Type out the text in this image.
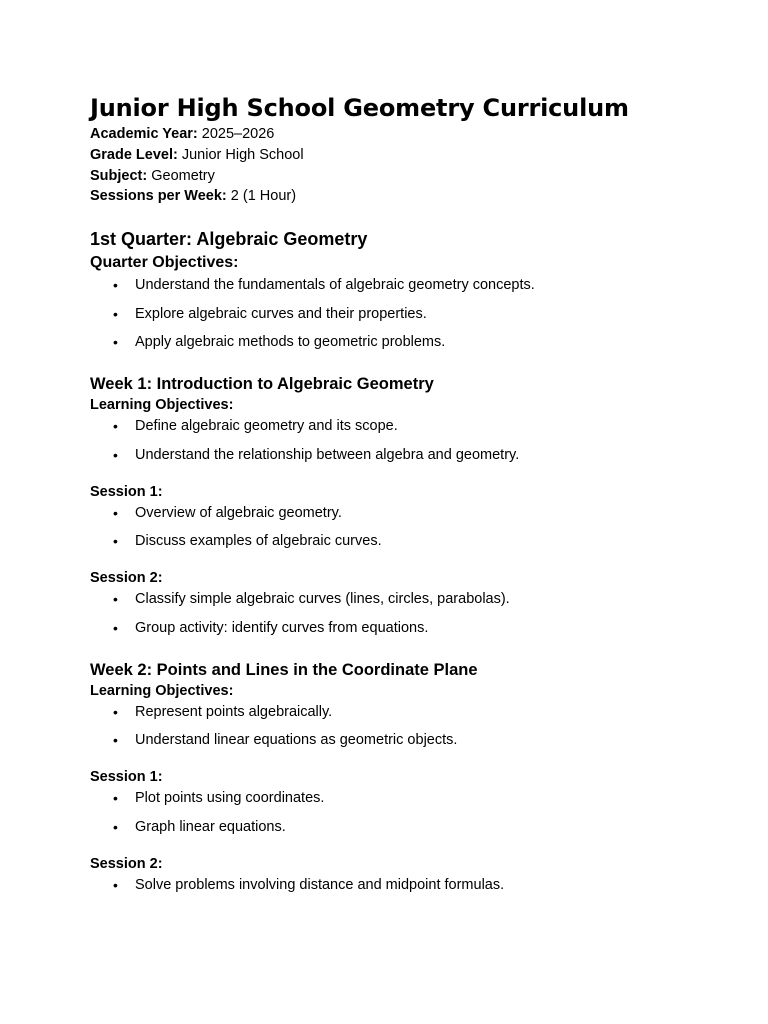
Junior High School Geometry Curriculum

Academic Year: 2025–2026

Grade Level: Junior High School

Subject: Geometry

Sessions per Week: 2 (1 Hour)

1st Quarter: Algebraic Geometry
Quarter Objectives:
• Understand the fundamentals of algebraic geometry concepts.
• Explore algebraic curves and their properties.
• Apply algebraic methods to geometric problems.
Week 1: Introduction to Algebraic Geometry
Learning Objectives:
• Define algebraic geometry and its scope.
• Understand the relationship between algebra and geometry.
Session 1:
• Overview of algebraic geometry.
• Discuss examples of algebraic curves.
Session 2:
• Classify simple algebraic curves (lines, circles, parabolas).
• Group activity: identify curves from equations.
Week 2: Points and Lines in the Coordinate Plane
Learning Objectives:
• Represent points algebraically.
• Understand linear equations as geometric objects.
Session 1:
• Plot points using coordinates.
• Graph linear equations.
Session 2:
• Solve problems involving distance and midpoint formulas.
